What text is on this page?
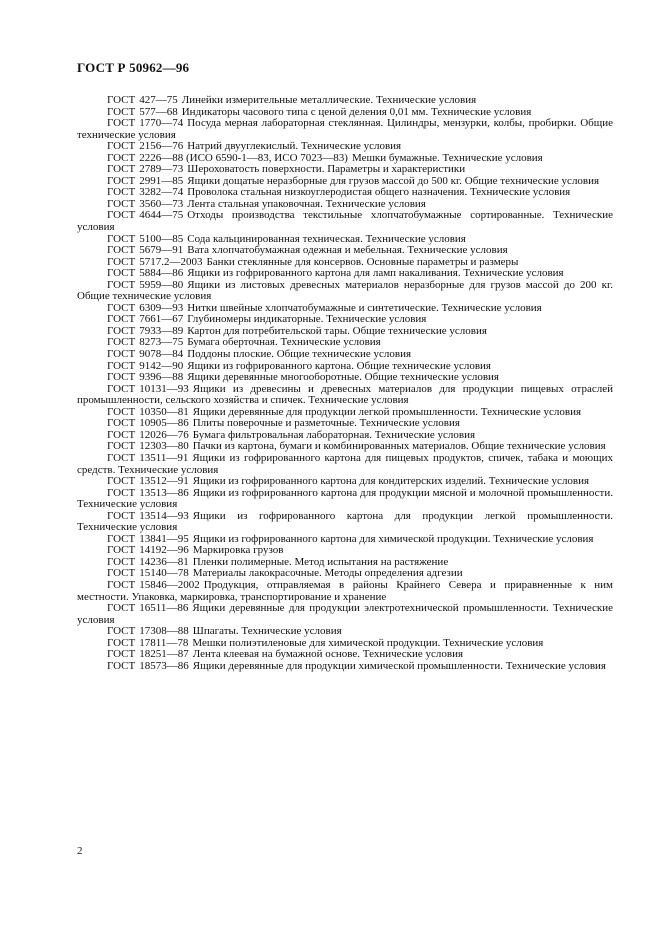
ГОСТ Р 50962—96

ГОСТ 427—75 Линейки измерительные металлические. Технические условия

ГОСТ 577—68 Индикаторы часового типа с ценой деления 0,01 мм. Технические условия

ГОСТ 1770—74 Посуда мерная лабораторная стеклянная. Цилиндры, мензурки, колбы, пробирки. Общие технические условия

ГОСТ 2156—76 Натрий двууглекислый. Технические условия

ГОСТ 2226—88 (ИСО 6590-1—83, ИСО 7023—83) Мешки бумажные. Технические условия

ГОСТ 2789—73 Шероховатость поверхности. Параметры и характеристики

ГОСТ 2991—85 Ящики дощатые неразборные для грузов массой до 500 кг. Общие технические условия

ГОСТ 3282—74 Проволока стальная низкоуглеродистая общего назначения. Технические условия

ГОСТ 3560—73 Лента стальная упаковочная. Технические условия

ГОСТ 4644—75 Отходы производства текстильные хлопчатобумажные сортированные. Технические условия

ГОСТ 5100—85 Сода кальцинированная техническая. Технические условия

ГОСТ 5679—91 Вата хлопчатобумажная одежная и мебельная. Технические условия

ГОСТ 5717.2—2003 Банки стеклянные для консервов. Основные параметры и размеры

ГОСТ 5884—86 Ящики из гофрированного картона для ламп накаливания. Технические условия

ГОСТ 5959—80 Ящики из листовых древесных материалов неразборные для грузов массой до 200 кг. Общие технические условия

ГОСТ 6309—93 Нитки швейные хлопчатобумажные и синтетические. Технические условия

ГОСТ 7661—67 Глубиномеры индикаторные. Технические условия

ГОСТ 7933—89 Картон для потребительской тары. Общие технические условия

ГОСТ 8273—75 Бумага оберточная. Технические условия

ГОСТ 9078—84 Поддоны плоские. Общие технические условия

ГОСТ 9142—90 Ящики из гофрированного картона. Общие технические условия

ГОСТ 9396—88 Ящики деревянные многооборотные. Общие технические условия

ГОСТ 10131—93 Ящики из древесины и древесных материалов для продукции пищевых отраслей промышленности, сельского хозяйства и спичек. Технические условия

ГОСТ 10350—81 Ящики деревянные для продукции легкой промышленности. Технические условия

ГОСТ 10905—86 Плиты поверочные и разметочные. Технические условия

ГОСТ 12026—76 Бумага фильтровальная лабораторная. Технические условия

ГОСТ 12303—80 Пачки из картона, бумаги и комбинированных материалов. Общие технические условия

ГОСТ 13511—91 Ящики из гофрированного картона для пищевых продуктов, спичек, табака и моющих средств. Технические условия

ГОСТ 13512—91 Ящики из гофрированного картона для кондитерских изделий. Технические условия

ГОСТ 13513—86 Ящики из гофрированного картона для продукции мясной и молочной промышленности. Технические условия

ГОСТ 13514—93 Ящики из гофрированного картона для продукции легкой промышленности. Технические условия

ГОСТ 13841—95 Ящики из гофрированного картона для химической продукции. Технические условия

ГОСТ 14192—96 Маркировка грузов

ГОСТ 14236—81 Пленки полимерные. Метод испытания на растяжение

ГОСТ 15140—78 Материалы лакокрасочные. Методы определения адгезии

ГОСТ 15846—2002 Продукция, отправляемая в районы Крайнего Севера и приравненные к ним местности. Упаковка, маркировка, транспортирование и хранение

ГОСТ 16511—86 Ящики деревянные для продукции электротехнической промышленности. Технические условия

ГОСТ 17308—88 Шпагаты. Технические условия

ГОСТ 17811—78 Мешки полиэтиленовые для химической продукции. Технические условия

ГОСТ 18251—87 Лента клеевая на бумажной основе. Технические условия

ГОСТ 18573—86 Ящики деревянные для продукции химической промышленности. Технические условия

2
